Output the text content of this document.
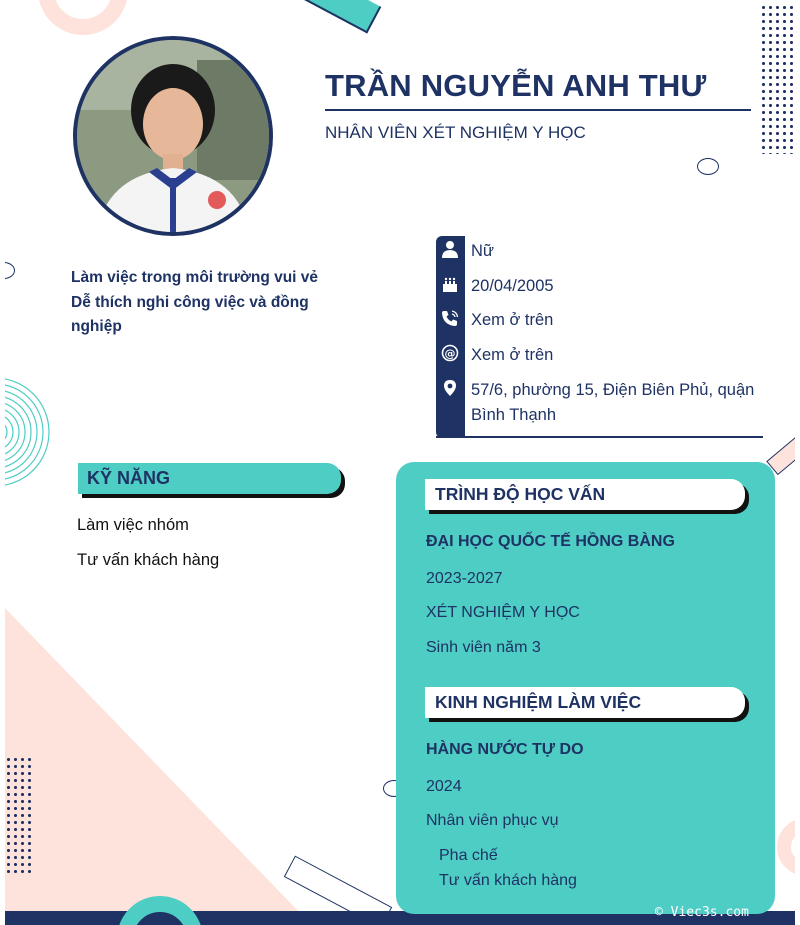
TRẦN NGUYỄN ANH THƯ
NHÂN VIÊN XÉT NGHIỆM Y HỌC
Làm việc trong môi trường vui vẻ
Dễ thích nghi công việc và đồng nghiệp
Nữ
20/04/2005
Xem ở trên
@ Xem ở trên
57/6, phường 15, Điện Biên Phủ, quận Bình Thạnh
KỸ NĂNG
Làm việc nhóm
Tư vấn khách hàng
TRÌNH ĐỘ HỌC VẤN
ĐẠI HỌC QUỐC TẾ HỒNG BÀNG
2023-2027
XÉT NGHIỆM Y HỌC
Sinh viên năm 3
KINH NGHIỆM LÀM VIỆC
HÀNG NƯỚC TỰ DO
2024
Nhân viên phục vụ
Pha chế
Tư vấn khách hàng
© Viec3s.com
